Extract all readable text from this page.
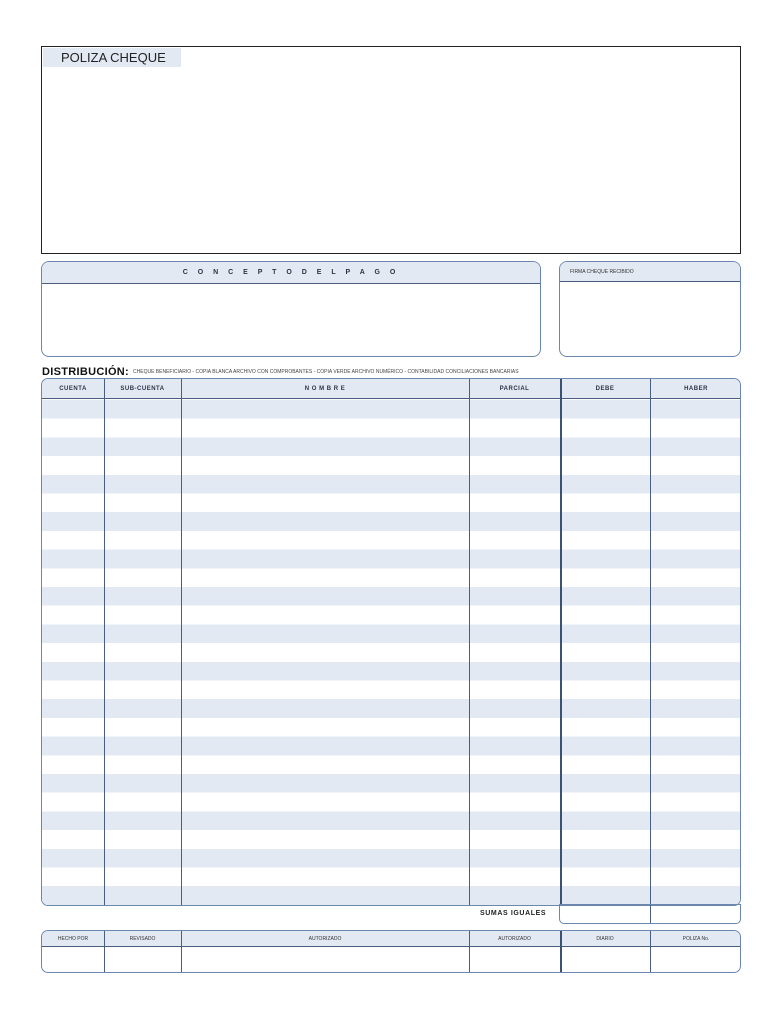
POLIZA CHEQUE
C O N C E P T O D E L P A G O	FIRMA CHEQUE RECIBIDO
DISTRIBUCIÓN: CHEQUE BENEFICIARIO - COPIA BLANCA ARCHIVO CON COMPROBANTES - COPIA VERDE ARCHIVO NUMÉRICO - CONTABILIDAD CONCILIACIONES BANCARIAS
CUENTA	SUB-CUENTA	N O M B R E	PARCIAL	DEBE	HABER
SUMAS IGUALES
HECHO POR	REVISADO	AUTORIZADO	AUTORIZADO	DIARIO	POLIZA No.
